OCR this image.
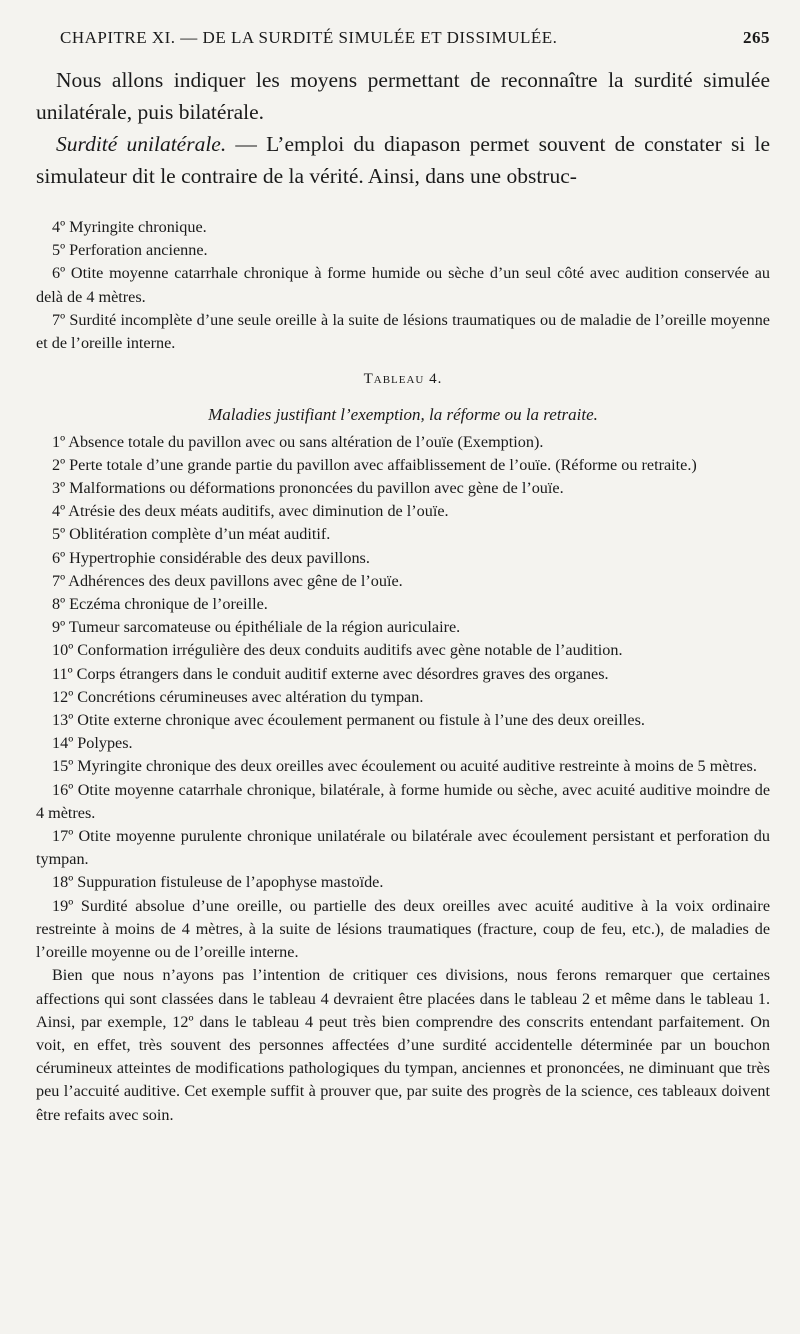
CHAPITRE XI. — DE LA SURDITÉ SIMULÉE ET DISSIMULÉE.	265

Nous allons indiquer les moyens permettant de reconnaître la surdité simulée unilatérale, puis bilatérale.

Surdité unilatérale. — L’emploi du diapason permet souvent de constater si le simulateur dit le contraire de la vérité. Ainsi, dans une obstruc-

4º Myringite chronique.

5º Perforation ancienne.

6º Otite moyenne catarrhale chronique à forme humide ou sèche d’un seul côté avec audition conservée au delà de 4 mètres.

7º Surdité incomplète d’une seule oreille à la suite de lésions traumatiques ou de maladie de l’oreille moyenne et de l’oreille interne.

Tableau 4.
Maladies justifiant l’exemption, la réforme ou la retraite.

1º Absence totale du pavillon avec ou sans altération de l’ouïe (Exemption).

2º Perte totale d’une grande partie du pavillon avec affaiblissement de l’ouïe. (Réforme ou retraite.)

3º Malformations ou déformations prononcées du pavillon avec gène de l’ouïe.

4º Atrésie des deux méats auditifs, avec diminution de l’ouïe.

5º Oblitération complète d’un méat auditif.

6º Hypertrophie considérable des deux pavillons.

7º Adhérences des deux pavillons avec gêne de l’ouïe.

8º Eczéma chronique de l’oreille.

9º Tumeur sarcomateuse ou épithéliale de la région auriculaire.

10º Conformation irrégulière des deux conduits auditifs avec gène notable de l’audition.

11º Corps étrangers dans le conduit auditif externe avec désordres graves des organes.

12º Concrétions cérumineuses avec altération du tympan.

13º Otite externe chronique avec écoulement permanent ou fistule à l’une des deux oreilles.

14º Polypes.

15º Myringite chronique des deux oreilles avec écoulement ou acuité auditive restreinte à moins de 5 mètres.

16º Otite moyenne catarrhale chronique, bilatérale, à forme humide ou sèche, avec acuité auditive moindre de 4 mètres.

17º Otite moyenne purulente chronique unilatérale ou bilatérale avec écoulement persistant et perforation du tympan.

18º Suppuration fistuleuse de l’apophyse mastoïde.

19º Surdité absolue d’une oreille, ou partielle des deux oreilles avec acuité auditive à la voix ordinaire restreinte à moins de 4 mètres, à la suite de lésions traumatiques (fracture, coup de feu, etc.), de maladies de l’oreille moyenne ou de l’oreille interne.

Bien que nous n’ayons pas l’intention de critiquer ces divisions, nous ferons remarquer que certaines affections qui sont classées dans le tableau 4 devraient être placées dans le tableau 2 et même dans le tableau 1. Ainsi, par exemple, 12º dans le tableau 4 peut très bien comprendre des conscrits entendant parfaitement. On voit, en effet, très souvent des personnes affectées d’une surdité accidentelle déterminée par un bouchon cérumineux atteintes de modifications pathologiques du tympan, anciennes et prononcées, ne diminuant que très peu l’accuité auditive. Cet exemple suffit à prouver que, par suite des progrès de la science, ces tableaux doivent être refaits avec soin.
